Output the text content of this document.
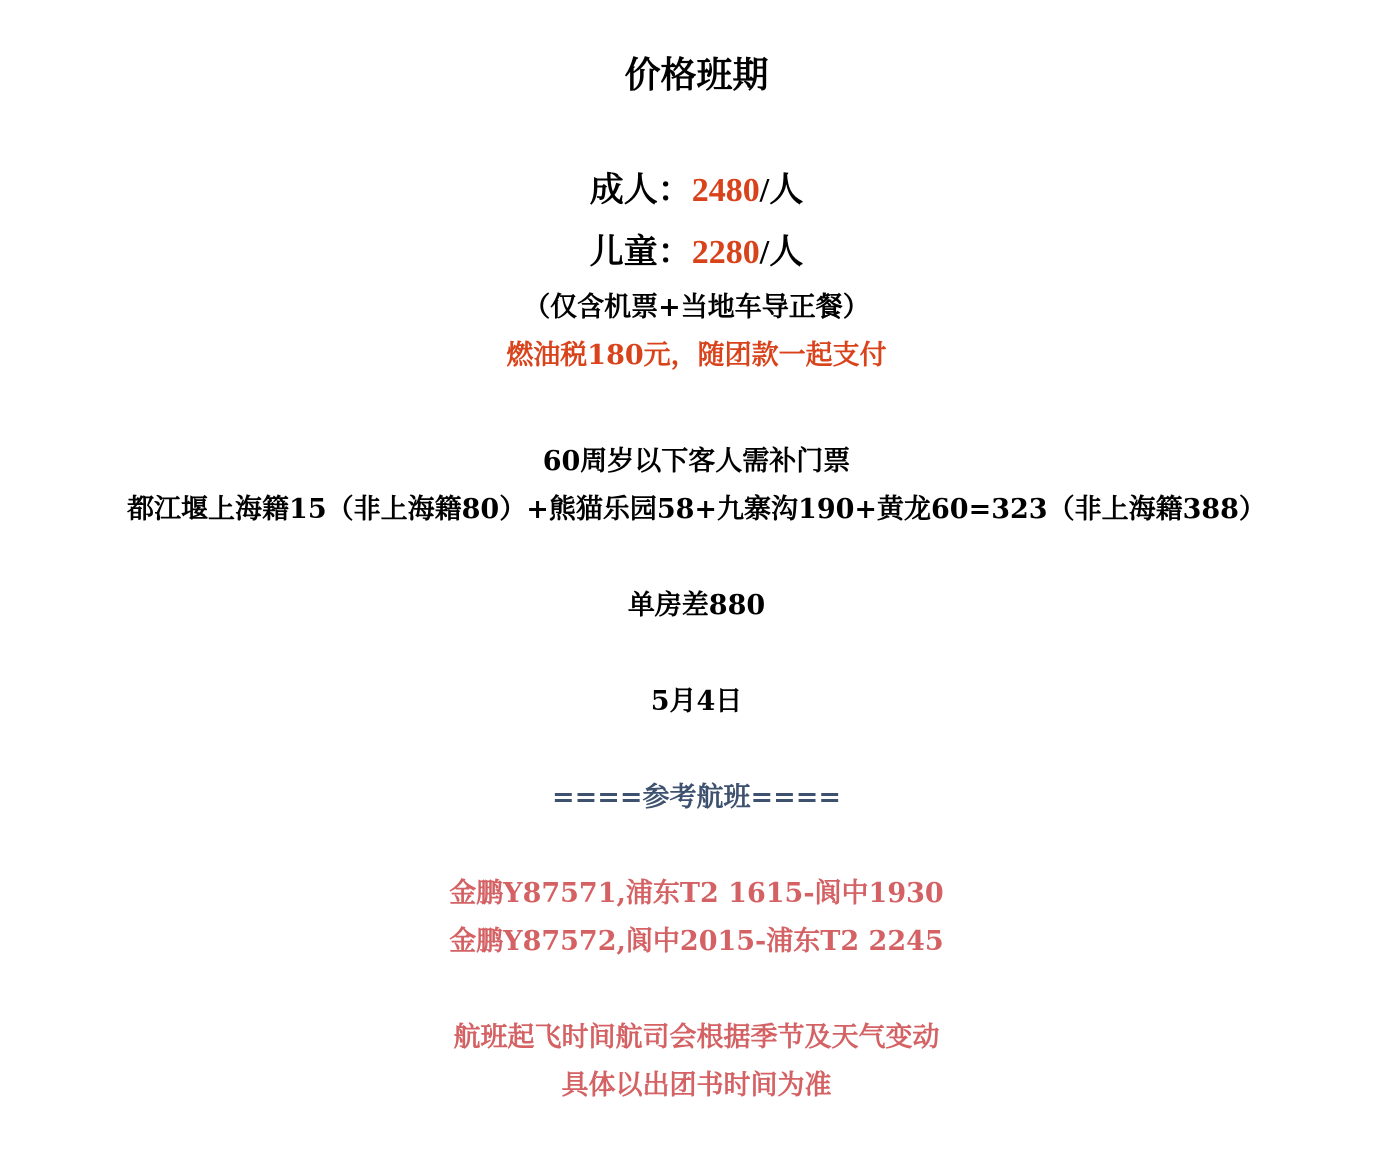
价格班期
成人：2480/人
儿童：2280/人
（仅含机票+当地车导正餐）
燃油税180元，随团款一起支付
60周岁以下客人需补门票
都江堰上海籍15（非上海籍80）+熊猫乐园58+九寨沟190+黄龙60=323（非上海籍388）
单房差880
5月4日
====参考航班====
金鹏Y87571,浦东T2 1615-阆中1930
金鹏Y87572,阆中2015-浦东T2 2245
航班起飞时间航司会根据季节及天气变动
具体以出团书时间为准
